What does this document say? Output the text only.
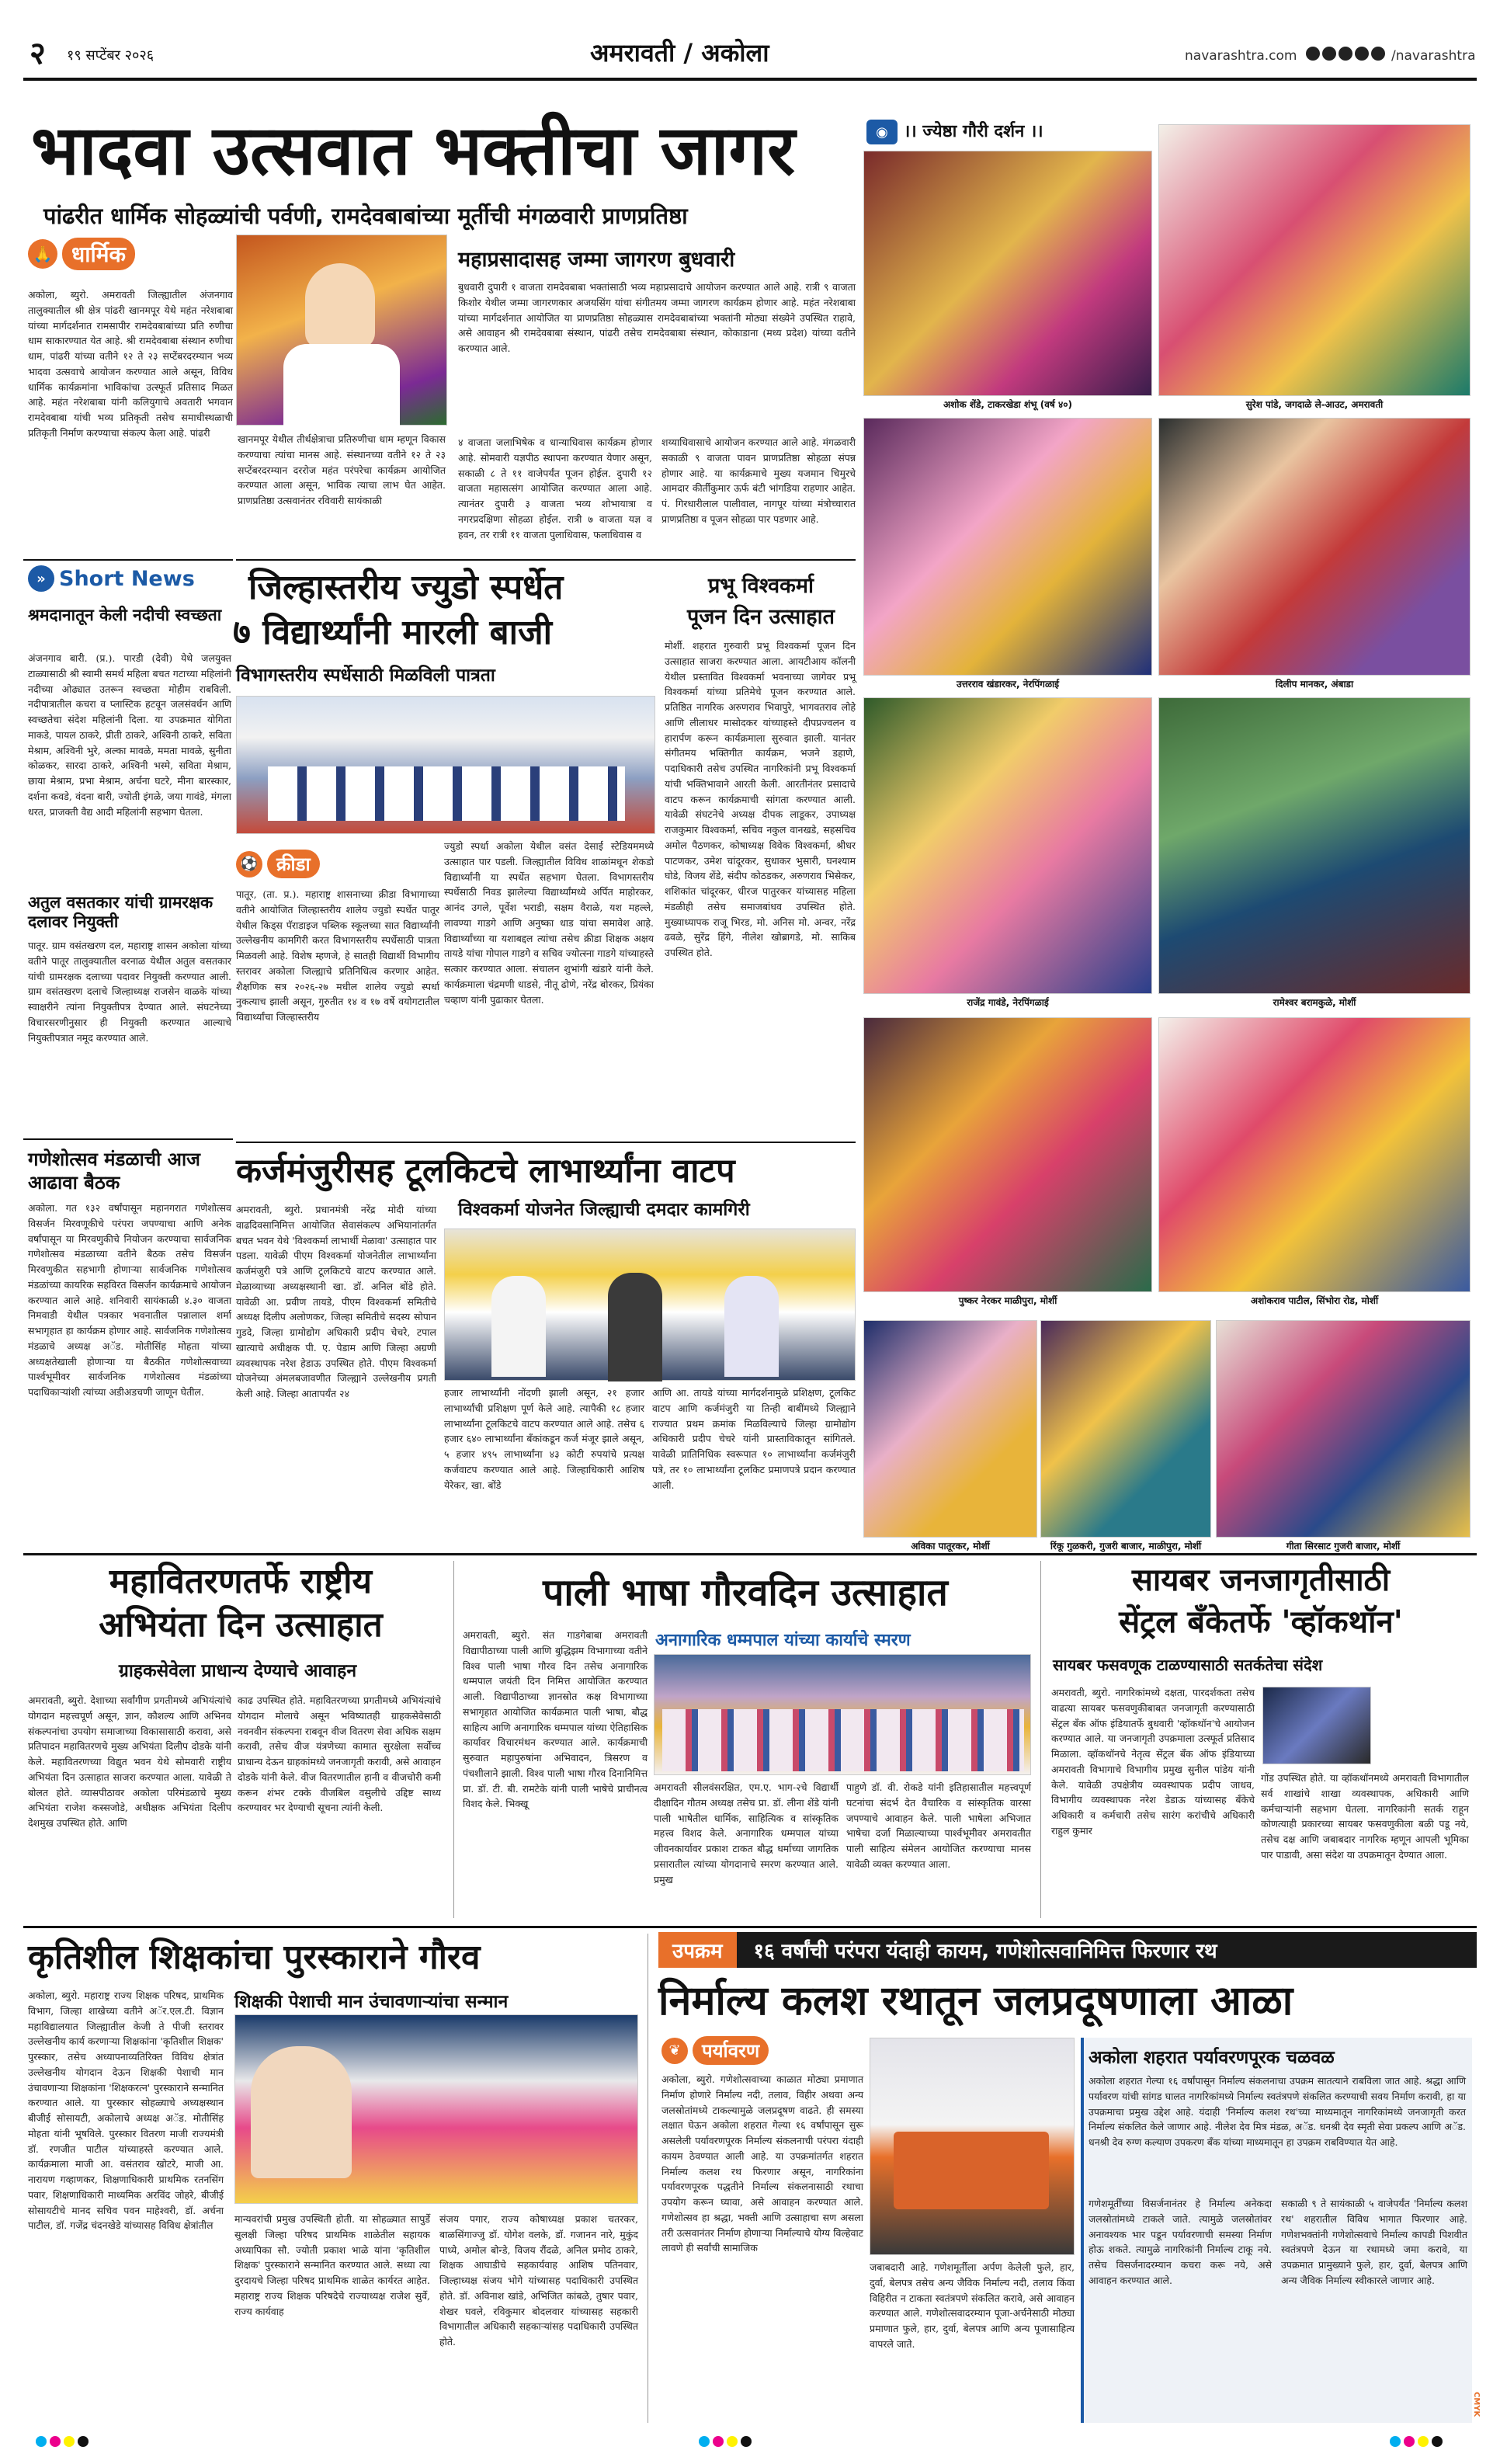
२ १९ सप्टेंबर २०२६	अमरावती / अकोला	navarashtra.com	/navarashtra
भादवा उत्सवात भक्तीचा जागर
पांढरीत धार्मिक सोहळ्यांची पर्वणी, रामदेवबाबांच्या मूर्तीची मंगळवारी प्राणप्रतिष्ठा
🙏 धार्मिक
अकोला, ब्युरो. अमरावती जिल्ह्यातील अंजनगाव तालुक्यातील श्री क्षेत्र पांढरी खानमपूर येथे महंत नरेशबाबा यांच्या मार्गदर्शनात रामसापीर रामदेवबाबांच्या प्रति रुणीचा धाम साकारण्यात येत आहे. श्री रामदेवबाबा संस्थान रुणीचा धाम, पांढरी यांच्या वतीने १२ ते २३ सप्टेंबरदरम्यान भव्य भादवा उत्सवाचे आयोजन करण्यात आले असून, विविध धार्मिक कार्यक्रमांना भाविकांचा उत्स्फूर्त प्रतिसाद मिळत आहे. महंत नरेशबाबा यांनी कलियुगाचे अवतारी भगवान रामदेवबाबा यांची भव्य प्रतिकृती तसेच समाधीस्थळाची प्रतिकृती निर्माण करण्याचा संकल्प केला आहे. पांढरी
खानमपूर येथील तीर्थक्षेत्राचा प्रतिरुणीचा धाम म्हणून विकास करण्याचा त्यांचा मानस आहे. संस्थानच्या वतीने १२ ते २३ सप्टेंबरदरम्यान दररोज महंत परंपरेचा कार्यक्रम आयोजित करण्यात आला असून, भाविक त्याचा लाभ घेत आहेत. प्राणप्रतिष्ठा उत्सवानंतर रविवारी सायंकाळी
महाप्रसादासह जम्मा जागरण बुधवारी
बुधवारी दुपारी १ वाजता रामदेवबाबा भक्तांसाठी भव्य महाप्रसादाचे आयोजन करण्यात आले आहे. रात्री ९ वाजता किशोर येथील जम्मा जागरणकार अजयसिंग यांचा संगीतमय जम्मा जागरण कार्यक्रम होणार आहे. महंत नरेशबाबा यांच्या मार्गदर्शनात आयोजित या प्राणप्रतिष्ठा सोहळ्यास रामदेवबाबांच्या भक्तांनी मोठ्या संख्येने उपस्थित राहावे, असे आवाहन श्री रामदेवबाबा संस्थान, पांढरी तसेच रामदेवबाबा संस्थान, कोकाडाना (मध्य प्रदेश) यांच्या वतीने करण्यात आले.
४ वाजता जलाभिषेक व धान्याधिवास कार्यक्रम होणार आहे. सोमवारी यज्ञपीठ स्थापना करण्यात येणार असून, सकाळी ८ ते ११ वाजेपर्यंत पूजन होईल. दुपारी १२ वाजता महासत्संग आयोजित करण्यात आला आहे. त्यानंतर दुपारी ३ वाजता भव्य शोभायात्रा व नगरप्रदक्षिणा सोहळा होईल. रात्री ७ वाजता यज्ञ व हवन, तर रात्री ११ वाजता पुलाधिवास, फलाधिवास व
शय्याधिवासाचे आयोजन करण्यात आले आहे. मंगळवारी सकाळी ९ वाजता पावन प्राणप्रतिष्ठा सोहळा संपन्न होणार आहे. या कार्यक्रमाचे मुख्य यजमान चिमुरचे आमदार कीर्तीकुमार ऊर्फ बंटी भांगडिया राहणार आहेत. पं. गिरधारीलाल पालीवाल, नागपूर यांच्या मंत्रोच्चारात प्राणप्रतिष्ठा व पूजन सोहळा पार पडणार आहे.
◉ ।। ज्येष्ठा गौरी दर्शन ।।
अशोक शेंडे, टाकरखेडा शंभू (वर्ष ४०)	सुरेश पांडे, जगदाळे ले-आउट, अमरावती
उत्तरराव खंडारकर, नेरपिंगळाई	दिलीप मानकर, अंबाडा
राजेंद्र गावंडे, नेरपिंगळाई	रामेश्वर बरामकुळे, मोर्शी
पुष्कर नेरकर माळीपुरा, मोर्शी	अशोकराव पाटील, सिंभोरा रोड, मोर्शी
अविका पातूरकर, मोर्शी	रिंकू गुळकरी, गुजरी बाजार, माळीपुरा, मोर्शी	गीता सिरसाट गुजरी बाजार, मोर्शी
» Short News
श्रमदानातून केली नदीची स्वच्छता
अंजनगाव बारी. (प्र.). पारडी (देवी) येथे जलयुक्त टाळ्यासाठी श्री स्वामी समर्थ महिला बचत गटाच्या महिलांनी नदीच्या ओढ्यात उतरून स्वच्छता मोहीम राबविली. नदीपात्रातील कचरा व प्लास्टिक हटवून जलसंवर्धन आणि स्वच्छतेचा संदेश महिलांनी दिला. या उपक्रमात योगिता माकडे, पायल ठाकरे, प्रीती ठाकरे, अश्विनी ठाकरे, सविता मेश्राम, अश्विनी भुरे, अल्का मावळे, ममता मावळे, सुनीता कोळकर, सारदा ठाकरे, अश्विनी भस्मे, सविता मेश्राम, छाया मेश्राम, प्रभा मेश्राम, अर्चना घटरे, मीना बारस्कार, दर्शना कवडे, वंदना बारी, ज्योती इंगळे, जया गावंडे, मंगला धरत, प्राजक्ती वैद्य आदी महिलांनी सहभाग घेतला.
अतुल वसतकार यांची ग्रामरक्षक दलावर नियुक्ती
पातूर. ग्राम वसंतखरण दल, महाराष्ट्र शासन अकोला यांच्या वतीने पातूर तालुक्यातील वरनाळ येथील अतुल वसतकार यांची ग्रामरक्षक दलाच्या पदावर नियुक्ती करण्यात आली. ग्राम वसंतखरण दलाचे जिल्हाध्यक्ष राजसेन वाळके यांच्या स्वाक्षरीने त्यांना नियुक्तीपत्र देण्यात आले. संघटनेच्या विचारसरणीनुसार ही नियुक्ती करण्यात आल्याचे नियुक्तीपत्रात नमूद करण्यात आले.
गणेशोत्सव मंडळाची आज आढावा बैठक
अकोला. गत १३२ वर्षांपासून महानगरात गणेशोत्सव विसर्जन मिरवणूकीचे परंपरा जपण्याचा आणि अनेक वर्षांपासून या मिरवणुकीचे नियोजन करण्याचा सार्वजनिक गणेशोत्सव मंडळाच्या वतीने बैठक तसेच विसर्जन मिरवणुकीत सहभागी होणाऱ्या सार्वजनिक गणेशोत्सव मंडळांच्या कायरिक सहविरत विसर्जन कार्यक्रमाचे आयोजन करण्यात आले आहे. शनिवारी सायंकाळी ४.३० वाजता निमवाडी येथील पत्रकार भवनातील पन्नालाल शर्मा सभागृहात हा कार्यक्रम होणार आहे. सार्वजनिक गणेशोत्सव मंडळाचे अध्यक्ष अॅड. मोतीसिंह मोहता यांच्या अध्यक्षतेखाली होणाऱ्या या बैठकीत गणेशोत्सवाच्या पार्श्वभूमीवर सार्वजनिक गणेशोत्सव मंडळांच्या पदाधिकाऱ्यांशी त्यांच्या अडीअडचणी जाणून घेतील.
जिल्हास्तरीय ज्युडो स्पर्धेत
७ विद्यार्थ्यांनी मारली बाजी
विभागस्तरीय स्पर्धेसाठी मिळविली पात्रता
⚽ क्रीडा
पातूर, (ता. प्र.). महाराष्ट्र शासनाच्या क्रीडा विभागाच्या वतीने आयोजित जिल्हास्तरीय शालेय ज्युडो स्पर्धेत पातूर येथील किड्स पॅराडाइज पब्लिक स्कूलच्या सात विद्यार्थ्यांनी उल्लेखनीय कामगिरी करत विभागस्तरीय स्पर्धेसाठी पात्रता मिळवली आहे. विशेष म्हणजे, हे सातही विद्यार्थी विभागीय स्तरावर अकोला जिल्ह्याचे प्रतिनिधित्व करणार आहेत. शैक्षणिक सत्र २०२६-२७ मधील शालेय ज्युडो स्पर्धा नुकत्याच झाली असून, गुरुतीत १४ व १७ वर्षे वयोगटातील विद्यार्थ्यांचा जिल्हास्तरीय
ज्युडो स्पर्धा अकोला येथील वसंत देसाई स्टेडियममध्ये उत्साहात पार पडली. जिल्ह्यातील विविध शाळांमधून शेकडो विद्यार्थ्यांनी या स्पर्धेत सहभाग घेतला. विभागस्तरीय स्पर्धेसाठी निवड झालेल्या विद्यार्थ्यांमध्ये अर्पित माहोरकर, आनंद उगले, पूर्वेश भराडी, सक्षम वैराळे, यश महल्ले, लावण्या गाडगे आणि अनुष्का धाड यांचा समावेश आहे. विद्यार्थ्यांच्या या यशाबद्दल त्यांचा तसेच क्रीडा शिक्षक अक्षय तायडे यांचा गोपाल गाडगे व सचिव ज्योत्स्ना गाडगे यांच्याहस्ते सत्कार करण्यात आला. संचालन शुभांगी खंडारे यांनी केले. कार्यक्रमाला चंद्रमणी धाडसे, नीतू ढोणे, नरेंद्र बोरकर, प्रियंका चव्हाण यांनी पुढाकार घेतला.
प्रभू विश्वकर्मा
पूजन दिन उत्साहात
मोर्शी. शहरात गुरुवारी प्रभू विश्वकर्मा पूजन दिन उत्साहात साजरा करण्यात आला. आयटीआय कॉलनी येथील प्रस्तावित विश्वकर्मा भवनाच्या जागेवर प्रभू विश्वकर्मा यांच्या प्रतिमेचे पूजन करण्यात आले. प्रतिष्ठित नागरिक अरुणराव भिवापुरे, भागवतराव लोहे आणि लीलाधर मासोदकर यांच्याहस्ते दीपप्रज्वलन व हारार्पण करून कार्यक्रमाला सुरुवात झाली. यानंतर संगीतमय भक्तिगीत कार्यक्रम, भजने डहाणे, पदाधिकारी तसेच उपस्थित नागरिकांनी प्रभू विश्वकर्मा यांची भक्तिभावाने आरती केली. आरतीनंतर प्रसादाचे वाटप करून कार्यक्रमाची सांगता करण्यात आली. यावेळी संघटनेचे अध्यक्ष दीपक लाडूकर, उपाध्यक्ष राजकुमार विश्वकर्मा, सचिव नकुल वानखडे, सहसचिव अमोल पैठणकर, कोषाध्यक्ष विवेक विश्वकर्मा, श्रीधर पाटणकर, उमेश चांदूरकर, सुधाकर भुसारी, घनश्याम घोडे, विजय शेंडे, संदीप कोठडकर, अरुणराव भिसेकर, शशिकांत चांदूरकर, धीरज पातुरकर यांच्यासह महिला मंडळीही तसेच समाजबांधव उपस्थित होते. मुख्याध्यापक राजू भिरड, मो. अनिस मो. अन्वर, नरेंद्र ढवळे, सुरेंद्र हिंगे, नीलेश खोब्रागडे, मो. साकिब उपस्थित होते.
कर्जमंजुरीसह टूलकिटचे लाभार्थ्यांना वाटप
विश्वकर्मा योजनेत जिल्ह्याची दमदार कामगिरी
अमरावती, ब्युरो. प्रधानमंत्री नरेंद्र मोदी यांच्या वाढदिवसानिमित्त आयोजित सेवासंकल्प अभियानांतर्गत बचत भवन येथे 'विश्वकर्मा लाभार्थी मेळावा' उत्साहात पार पडला. यावेळी पीएम विश्वकर्मा योजनेतील लाभार्थ्यांना कर्जमंजुरी पत्रे आणि टूलकिटचे वाटप करण्यात आले. मेळाव्याच्या अध्यक्षस्थानी खा. डॉ. अनिल बोंडे होते. यावेळी आ. प्रवीण तायडे, पीएम विश्वकर्मा समितीचे अध्यक्ष दिलीप अलोणकर, जिल्हा समितीचे सदस्य सोपान गुडदे, जिल्हा ग्रामोद्योग अधिकारी प्रदीप चेचरे, टपाल खात्याचे अधीक्षक पी. ए. पेडाम आणि जिल्हा अग्रणी व्यवस्थापक नरेश हेडाऊ उपस्थित होते. पीएम विश्वकर्मा योजनेच्या अंमलबजावणीत जिल्ह्याने उल्लेखनीय प्रगती केली आहे. जिल्हा आतापर्यंत २४	हजार लाभार्थ्यांनी नोंदणी झाली असून, २१ हजार लाभार्थ्यांची प्रशिक्षण पूर्ण केले आहे. त्यापैकी १८ हजार लाभार्थ्यांना टूलकिटचे वाटप करण्यात आले आहे. तसेच ६ हजार ६४० लाभार्थ्यांना बँकांकडून कर्ज मंजूर झाले असून, ५ हजार ४९५ लाभार्थ्यांना ४३ कोटी रुपयांचे प्रत्यक्ष कर्जवाटप करण्यात आले आहे. जिल्हाधिकारी आशिष येरेकर, खा. बोंडे
आणि आ. तायडे यांच्या मार्गदर्शनामुळे प्रशिक्षण, टूलकिट वाटप आणि कर्जमंजुरी या तिन्ही बाबींमध्ये जिल्ह्याने राज्यात प्रथम क्रमांक मिळविल्याचे जिल्हा ग्रामोद्योग अधिकारी प्रदीप चेचरे यांनी प्रास्ताविकातून सांगितले. यावेळी प्रातिनिधिक स्वरूपात १० लाभार्थ्यांना कर्जमंजुरी पत्रे, तर १० लाभार्थ्यांना टूलकिट प्रमाणपत्रे प्रदान करण्यात आली.
महावितरणतर्फे राष्ट्रीय
अभियंता दिन उत्साहात
ग्राहकसेवेला प्राधान्य देण्याचे आवाहन
अमरावती, ब्युरो. देशाच्या सर्वांगीण प्रगतीमध्ये अभियंत्यांचे योगदान महत्त्वपूर्ण असून, ज्ञान, कौशल्य आणि अभिनव संकल्पनांचा उपयोग समाजाच्या विकासासाठी करावा, असे प्रतिपादन महावितरणचे मुख्य अभियंता दिलीप दोडके यांनी केले. महावितरणच्या विद्युत भवन येथे सोमवारी राष्ट्रीय अभियंता दिन उत्साहात साजरा करण्यात आला. यावेळी ते बोलत होते. व्यासपीठावर अकोला परिमंडळाचे मुख्य अभियंता राजेश कस्सजोडे, अधीक्षक अभियंता दिलीप देशमुख उपस्थित होते. आणि
काढ उपस्थित होते. महावितरणच्या प्रगतीमध्ये अभियंत्यांचे योगदान मोलाचे असून भविष्यातही ग्राहकसेवेसाठी नवनवीन संकल्पना राबवून वीज वितरण सेवा अधिक सक्षम करावी, तसेच वीज यंत्रणेच्या कामात सुरक्षेला सर्वोच्च प्राधान्य देऊन ग्राहकांमध्ये जनजागृती करावी, असे आवाहन दोडके यांनी केले. वीज वितरणातील हानी व वीजचोरी कमी करून शंभर टक्के वीजबिल वसुलीचे उद्दिष्ट साध्य करण्यावर भर देण्याची सूचना त्यांनी केली.
पाली भाषा गौरवदिन उत्साहात
अनागारिक धम्मपाल यांच्या कार्याचे स्मरण
अमरावती, ब्युरो. संत गाडगेबाबा अमरावती विद्यापीठाच्या पाली आणि बुद्धिझम विभागाच्या वतीने विश्व पाली भाषा गौरव दिन तसेच अनागारिक धम्मपाल जयंती दिन निमित्त आयोजित करण्यात आली. विद्यापीठाच्या ज्ञानस्रोत कक्ष विभागाच्या सभागृहात आयोजित कार्यक्रमात पाली भाषा, बौद्ध साहित्य आणि अनागारिक धम्मपाल यांच्या ऐतिहासिक कार्यावर विचारमंथन करण्यात आले. कार्यक्रमाची सुरुवात महापुरुषांना अभिवादन, त्रिसरण व पंचशीलाने झाली. विश्व पाली भाषा गौरव दिनानिमित्त प्रा. डॉ. टी. बी. रामटेके यांनी पाली भाषेचे प्राचीनत्व विशद केले. भिक्खू
अमरावती सीलवंसरक्षित, एम.ए. भाग-२चे विद्यार्थी दीक्षादिन गौतम अध्यक्ष तसेच प्रा. डॉ. लीना शेंडे यांनी पाली भाषेतील धार्मिक, साहित्यिक व सांस्कृतिक महत्त्व विशद केले. अनागारिक धम्मपाल यांच्या जीवनकार्यावर प्रकाश टाकत बौद्ध धर्माच्या जागतिक प्रसारातील त्यांच्या योगदानाचे स्मरण करण्यात आले. प्रमुख
पाहुणे डॉ. वी. रोकडे यांनी इतिहासातील महत्त्वपूर्ण घटनांचा संदर्भ देत वैचारिक व सांस्कृतिक वारसा जपण्याचे आवाहन केले. पाली भाषेला अभिजात भाषेचा दर्जा मिळाल्याच्या पार्श्वभूमीवर अमरावतीत पाली साहित्य संमेलन आयोजित करण्याचा मानस यावेळी व्यक्त करण्यात आला.
सायबर जनजागृतीसाठी
सेंट्रल बँकेतर्फे 'व्हॉकथॉन'
सायबर फसवणूक टाळण्यासाठी सतर्कतेचा संदेश
अमरावती, ब्युरो. नागरिकांमध्ये दक्षता, पारदर्शकता तसेच वाढत्या सायबर फसवणुकीबाबत जनजागृती करण्यासाठी सेंट्रल बँक ऑफ इंडियातर्फे बुधवारी 'व्हॉकथॉन'चे आयोजन करण्यात आले. या जनजागृती उपक्रमाला उत्स्फूर्त प्रतिसाद मिळाला. व्हॉकथॉनचे नेतृत्व सेंट्रल बँक ऑफ इंडियाच्या अमरावती विभागाचे विभागीय प्रमुख सुनील पांडेय यांनी केले. यावेळी उपक्षेत्रीय व्यवस्थापक प्रदीप जाधव, विभागीय व्यवस्थापक नरेश डेडाऊ यांच्यासह बँकेचे अधिकारी व कर्मचारी तसेच सारंग करांचीचे अधिकारी राहुल कुमार
गोंड उपस्थित होते. या व्हॉकथॉनमध्ये अमरावती विभागातील सर्व शाखांचे शाखा व्यवस्थापक, अधिकारी आणि कर्मचाऱ्यांनी सहभाग घेतला. नागरिकांनी सतर्क राहून कोणत्याही प्रकारच्या सायबर फसवणुकीला बळी पडू नये, तसेच दक्ष आणि जबाबदार नागरिक म्हणून आपली भूमिका पार पाडावी, असा संदेश या उपक्रमातून देण्यात आला.
कृतिशील शिक्षकांचा पुरस्काराने गौरव
अकोला, ब्युरो. महाराष्ट्र राज्य शिक्षक परिषद, प्राथमिक विभाग, जिल्हा शाखेच्या वतीने अॅर.एल.टी. विज्ञान महाविद्यालयात जिल्ह्यातील केजी ते पीजी स्तरावर उल्लेखनीय कार्य करणाऱ्या शिक्षकांना 'कृतिशील शिक्षक' पुरस्कार, तसेच अध्यापनाव्यतिरिक्त विविध क्षेत्रांत उल्लेखनीय योगदान देऊन शिक्षकी पेशाची मान उंचावणाऱ्या शिक्षकांना 'शिक्षकरत्न' पुरस्काराने सन्मानित करण्यात आले. या पुरस्कार सोहळ्याचे अध्यक्षस्थान बीजीई सोसायटी, अकोलाचे अध्यक्ष अॅड. मोतीसिंह मोहता यांनी भूषविले. पुरस्कार वितरण माजी राज्यमंत्री डॉ. रणजीत पाटील यांच्याहस्ते करण्यात आले. कार्यक्रमाला माजी आ. वसंतराव खोटरे, माजी आ. नारायण गव्हाणकर, शिक्षणाधिकारी प्राथमिक रतनसिंग पवार, शिक्षणाधिकारी माध्यमिक अरविंद जोहरे, बीजीई सोसायटीचे मानद सचिव पवन माहेश्वरी, डॉ. अर्चना पाटील, डॉ. गजेंद्र चंदनखेडे यांच्यासह विविध क्षेत्रांतील
शिक्षकी पेशाची मान उंचावणाऱ्यांचा सन्मान
मान्यवरांची प्रमुख उपस्थिती होती. या सोहळ्यात सापुर्डे सुलक्षी जिल्हा परिषद प्राथमिक शाळेतील सहायक अध्यापिका सौ. ज्योती प्रकाश भाळे यांना 'कृतिशील शिक्षक' पुरस्काराने सन्मानित करण्यात आले. सध्या त्या दुरदायचे जिल्हा परिषद प्राथमिक शाळेत कार्यरत आहेत. महाराष्ट्र राज्य शिक्षक परिषदेचे राज्याध्यक्ष राजेश सुर्वे, राज्य कार्यवाह
संजय पगार, राज्य कोषाध्यक्ष प्रकाश चतरकर, बाळसिंगाज्जु डॉ. योगेश वलके, डॉ. गजानन नारे, मुकुंद पाध्ये, अमोल बोन्डे, विजय रौंदळे, अनिल प्रमोद ठाकरे, शिक्षक आघाडीचे सहकार्यवाह आशिष पतिनवार, जिल्हाध्यक्ष संजय भोगे यांच्यासह पदाधिकारी उपस्थित होते. डॉ. अविनाश खांडे, अभिजित कांबळे, तुषार पवार, शेखर घवले, रविकुमार बोदलवार यांच्यासह सहकारी विभागातील अधिकारी सहकाऱ्यांसह पदाधिकारी उपस्थित होते.
उपक्रम	१६ वर्षांची परंपरा यंदाही कायम, गणेशोत्सवानिमित्त फिरणार रथ
निर्माल्य कलश रथातून जलप्रदूषणाला आळा
❦	पर्यावरण
अकोला, ब्युरो. गणेशोत्सवाच्या काळात मोठ्या प्रमाणात निर्माण होणारे निर्माल्य नदी, तलाव, विहीर अथवा अन्य जलस्रोतांमध्ये टाकल्यामुळे जलप्रदूषण वाढते. ही समस्या लक्षात घेऊन अकोला शहरात गेल्या १६ वर्षांपासून सुरू असलेली पर्यावरणपूरक निर्माल्य संकलनाची परंपरा यंदाही कायम ठेवण्यात आली आहे. या उपक्रमांतर्गत शहरात निर्माल्य कलश रथ फिरणार असून, नागरिकांना पर्यावरणपूरक पद्धतीने निर्माल्य संकलनासाठी रथाचा उपयोग करून घ्यावा, असे आवाहन करण्यात आले. गणेशोत्सव हा श्रद्धा, भक्ती आणि उत्साहाचा सण असला तरी उत्सवानंतर निर्माण होणाऱ्या निर्माल्याचे योग्य विल्हेवाट लावणे ही सर्वांची सामाजिक
जबाबदारी आहे. गणेशमूर्तीला अर्पण केलेली फुले, हार, दुर्वा, बेलपत्र तसेच अन्य जैविक निर्माल्य नदी, तलाव किंवा विहिरीत न टाकता स्वतंत्रपणे संकलित करावे, असे आवाहन करण्यात आले. गणेशोत्सवादरम्यान पूजा-अर्चनेसाठी मोठ्या प्रमाणात फुले, हार, दुर्वा, बेलपत्र आणि अन्य पूजासाहित्य वापरले जाते.
अकोला शहरात पर्यावरणपूरक चळवळ
अकोला शहरात गेल्या १६ वर्षांपासून निर्माल्य संकलनाचा उपक्रम सातत्याने राबविला जात आहे. श्रद्धा आणि पर्यावरण यांची सांगड घालत नागरिकांमध्ये निर्माल्य स्वतंत्रपणे संकलित करण्याची सवय निर्माण करावी, हा या उपक्रमाचा प्रमुख उद्देश आहे. यंदाही 'निर्माल्य कलश रथ'च्या माध्यमातून नागरिकांमध्ये जनजागृती करत निर्माल्य संकलित केले जाणार आहे. नीलेश देव मित्र मंडळ, अॅड. धनश्री देव स्मृती सेवा प्रकल्प आणि अॅड. धनश्री देव रुग्ण कल्याण उपकरण बँक यांच्या माध्यमातून हा उपक्रम राबविण्यात येत आहे.
गणेशमूर्तींच्या विसर्जनानंतर हे निर्माल्य अनेकदा जलस्रोतांमध्ये टाकले जाते. त्यामुळे जलस्रोतांवर अनावश्यक भार पडून पर्यावरणाची समस्या निर्माण होऊ शकते. त्यामुळे नागरिकांनी निर्माल्य टाकू नये. तसेच विसर्जनादरम्यान कचरा करू नये, असे आवाहन करण्यात आले.
सकाळी ९ ते सायंकाळी ५ वाजेपर्यंत 'निर्माल्य कलश रथ' शहरातील विविध भागात फिरणार आहे. गणेशभक्तांनी गणेशोत्सवाचे निर्माल्य कापडी पिशवीत स्वतंत्रपणे देऊन या रथामध्ये जमा करावे, या उपक्रमात प्रामुख्याने फुले, हार, दुर्वा, बेलपत्र आणि अन्य जैविक निर्माल्य स्वीकारले जाणार आहे.
CMYK
